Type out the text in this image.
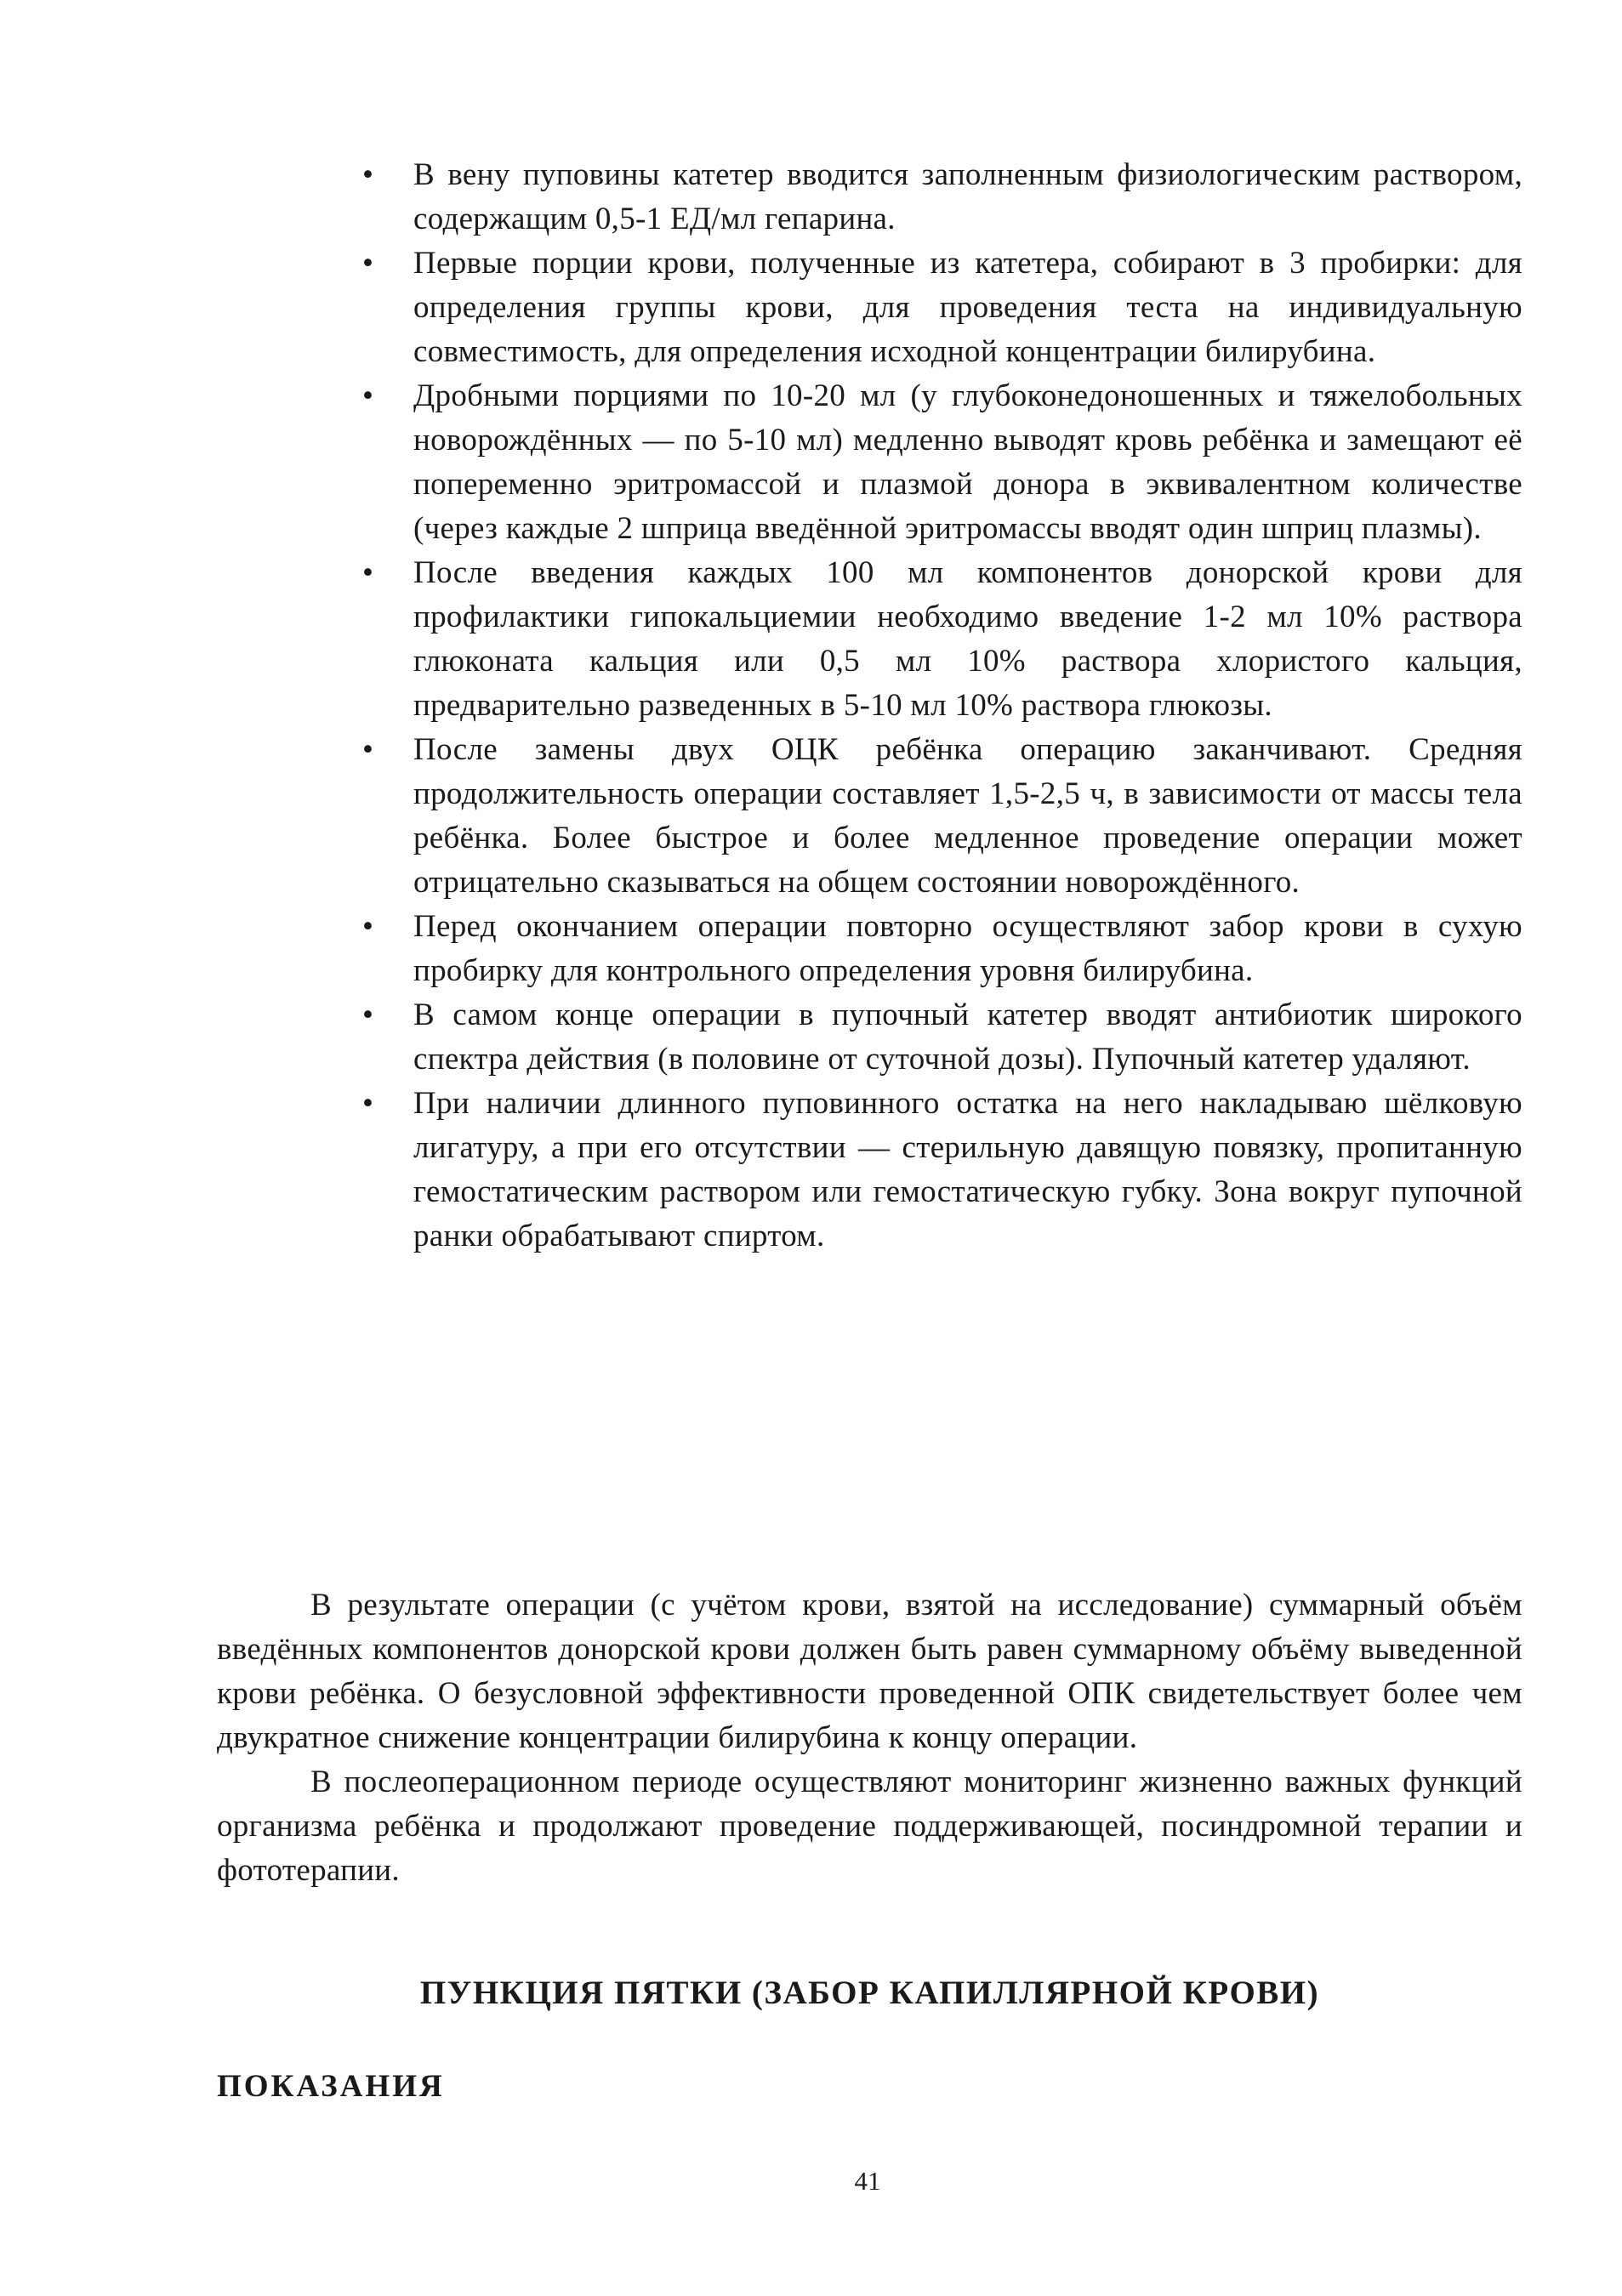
• В вену пуповины катетер вводится заполненным физиологическим раствором, содержащим 0,5-1 ЕД/мл гепарина.
• Первые порции крови, полученные из катетера, собирают в 3 пробирки: для определения группы крови, для проведения теста на индивидуальную совместимость, для определения исходной концентрации билирубина.
• Дробными порциями по 10-20 мл (у глубоконедоношенных и тяжелобольных новорождённых — по 5-10 мл) медленно выводят кровь ребёнка и замещают её попеременно эритромассой и плазмой донора в эквивалентном количестве (через каждые 2 шприца введённой эритромассы вводят один шприц плазмы).
• После введения каждых 100 мл компонентов донорской крови для профилактики гипокальциемии необходимо введение 1-2 мл 10% раствора глюконата кальция или 0,5 мл 10% раствора хлористого кальция, предварительно разведенных в 5-10 мл 10% раствора глюкозы.
• После замены двух ОЦК ребёнка операцию заканчивают. Средняя продолжительность операции составляет 1,5-2,5 ч, в зависимости от массы тела ребёнка. Более быстрое и более медленное проведение операции может отрицательно сказываться на общем состоянии новорождённого.
• Перед окончанием операции повторно осуществляют забор крови в сухую пробирку для контрольного определения уровня билирубина.
• В самом конце операции в пупочный катетер вводят антибиотик широкого спектра действия (в половине от суточной дозы). Пупочный катетер удаляют.
• При наличии длинного пуповинного остатка на него накладываю шёлковую лигатуру, а при его отсутствии — стерильную давящую повязку, пропитанную гемостатическим раствором или гемостатическую губку. Зона вокруг пупочной ранки обрабатывают спиртом.

В результате операции (с учётом крови, взятой на исследование) суммарный объём введённых компонентов донорской крови должен быть равен суммарному объёму выведенной крови ребёнка. О безусловной эффективности проведенной ОПК свидетельствует более чем двукратное снижение концентрации билирубина к концу операции.

В послеоперационном периоде осуществляют мониторинг жизненно важных функций организма ребёнка и продолжают проведение поддерживающей, посиндромной терапии и фототерапии.

ПУНКЦИЯ ПЯТКИ (ЗАБОР КАПИЛЛЯРНОЙ КРОВИ)
ПОКАЗАНИЯ
41
